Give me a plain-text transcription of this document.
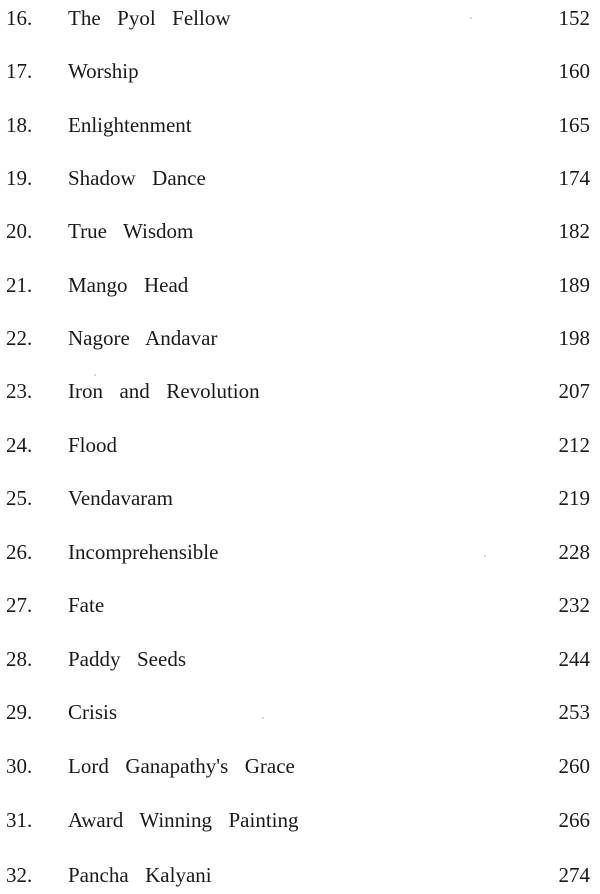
16. The  Pyol  Fellow	152
17. Worship	160
18. Enlightenment	165
19. Shadow  Dance	174
20. True  Wisdom	182
21. Mango  Head	189
22. Nagore  Andavar	198
23. Iron  and  Revolution	207
24. Flood	212
25. Vendavaram	219
26. Incomprehensible	228
27. Fate	232
28. Paddy  Seeds	244
29. Crisis	253
30. Lord  Ganapathy's  Grace	260
31. Award  Winning  Painting	266
32. Pancha  Kalyani	274
